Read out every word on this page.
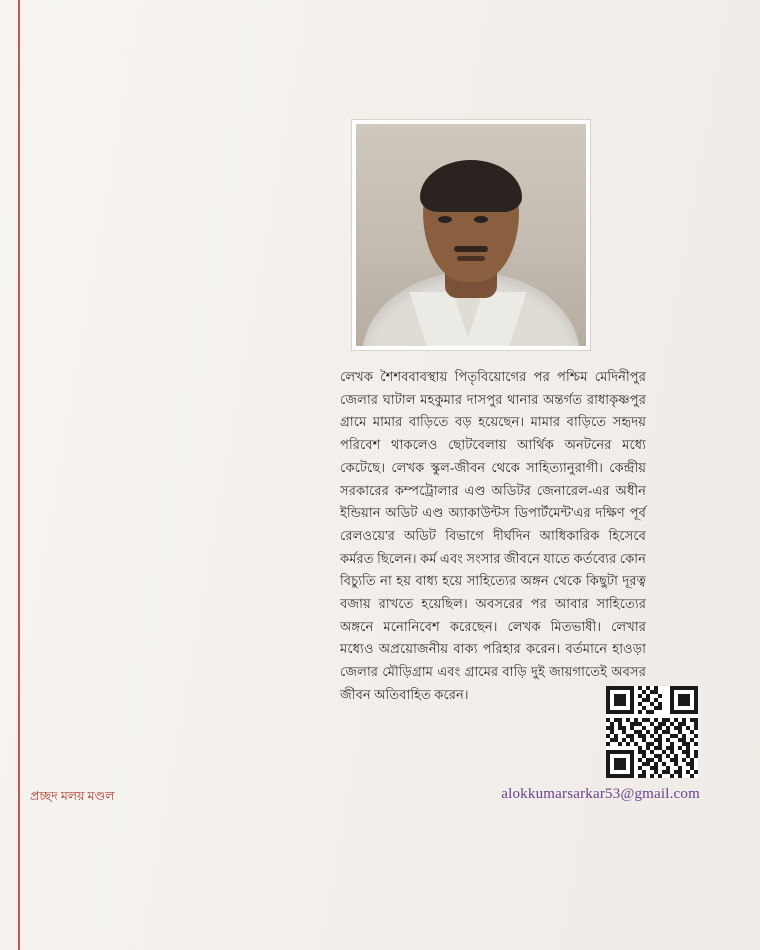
লেখক শৈশববাবস্থায় পিতৃবিয়োগের পর পশ্চিম মেদিনীপুর জেলার ঘাটাল মহকুমার দাসপুর থানার অন্তর্গত রাধাকৃষ্ণপুর গ্রামে মামার বাড়িতে বড় হয়েছেন। মামার বাড়িতে সহৃদয় পরিবেশ থাকলেও ছোটবেলায় আর্থিক অনটনের মধ্যে কেটেছে। লেখক স্কুল-জীবন থেকে সাহিত্যানুরাগী। কেন্দ্রীয় সরকারের কম্পট্রোলার এণ্ড অডিটর জেনারেল-এর অধীন ইন্ডিয়ান অডিট এণ্ড অ্যাকাউন্টস ডিপার্টমেন্ট'এর দক্ষিণ পূর্ব রেলওয়ে'র অডিট বিভাগে দীর্ঘদিন আধিকারিক হিসেবে কর্মরত ছিলেন। কর্ম এবং সংসার জীবনে যাতে কর্তব্যের কোন বিচ্যুতি না হয় বাধ্য হয়ে সাহিত্যের অঙ্গন থেকে কিছুটা দূরত্ব বজায় রাখতে হয়েছিল। অবসরের পর আবার সাহিত্যের অঙ্গনে মনোনিবেশ করেছেন। লেখক মিতভাষী। লেখার মধ্যেও অপ্রয়োজনীয় বাক্য পরিহার করেন। বর্তমানে হাওড়া জেলার মৌড়িগ্রাম এবং গ্রামের বাড়ি দুই জায়গাতেই অবসর জীবন অতিবাহিত করেন।
alokkumarsarkar53@gmail.com
প্রচ্ছদ মলয় মণ্ডল
